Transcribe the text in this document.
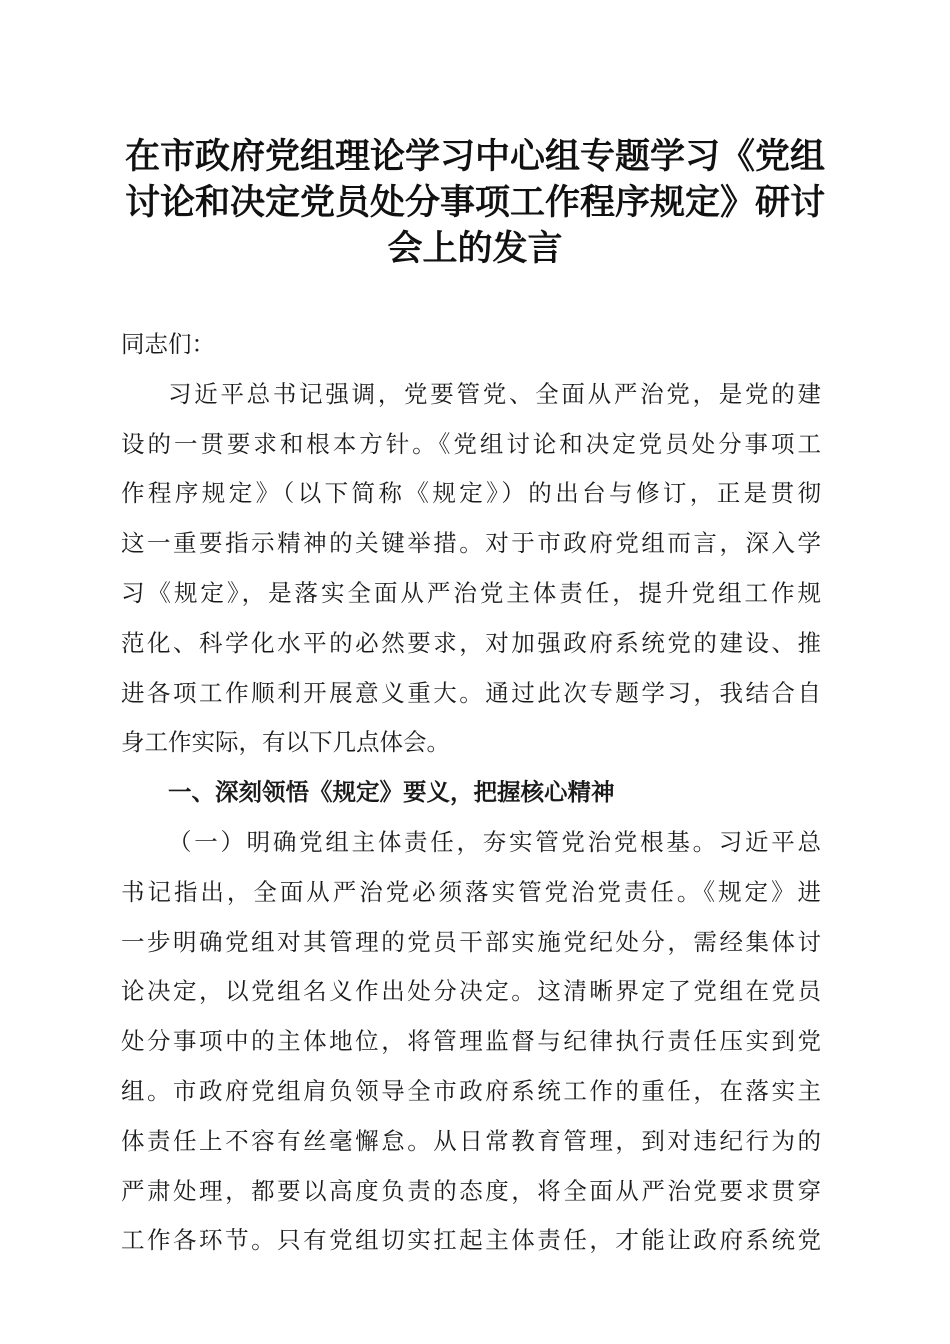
在市政府党组理论学习中心组专题学习《党组
讨论和决定党员处分事项工作程序规定》研讨
会上的发言
同志们：
习近平总书记强调，党要管党、全面从严治党，是党的建
设的一贯要求和根本方针。《党组讨论和决定党员处分事项工
作程序规定》（以下简称《规定》）的出台与修订，正是贯彻
这一重要指示精神的关键举措。对于市政府党组而言，深入学
习《规定》，是落实全面从严治党主体责任，提升党组工作规
范化、科学化水平的必然要求，对加强政府系统党的建设、推
进各项工作顺利开展意义重大。通过此次专题学习，我结合自
身工作实际，有以下几点体会。
一、深刻领悟《规定》要义，把握核心精神
（一）明确党组主体责任，夯实管党治党根基。习近平总
书记指出，全面从严治党必须落实管党治党责任。《规定》进
一步明确党组对其管理的党员干部实施党纪处分，需经集体讨
论决定，以党组名义作出处分决定。这清晰界定了党组在党员
处分事项中的主体地位，将管理监督与纪律执行责任压实到党
组。市政府党组肩负领导全市政府系统工作的重任，在落实主
体责任上不容有丝毫懈怠。从日常教育管理，到对违纪行为的
严肃处理，都要以高度负责的态度，将全面从严治党要求贯穿
工作各环节。只有党组切实扛起主体责任，才能让政府系统党
